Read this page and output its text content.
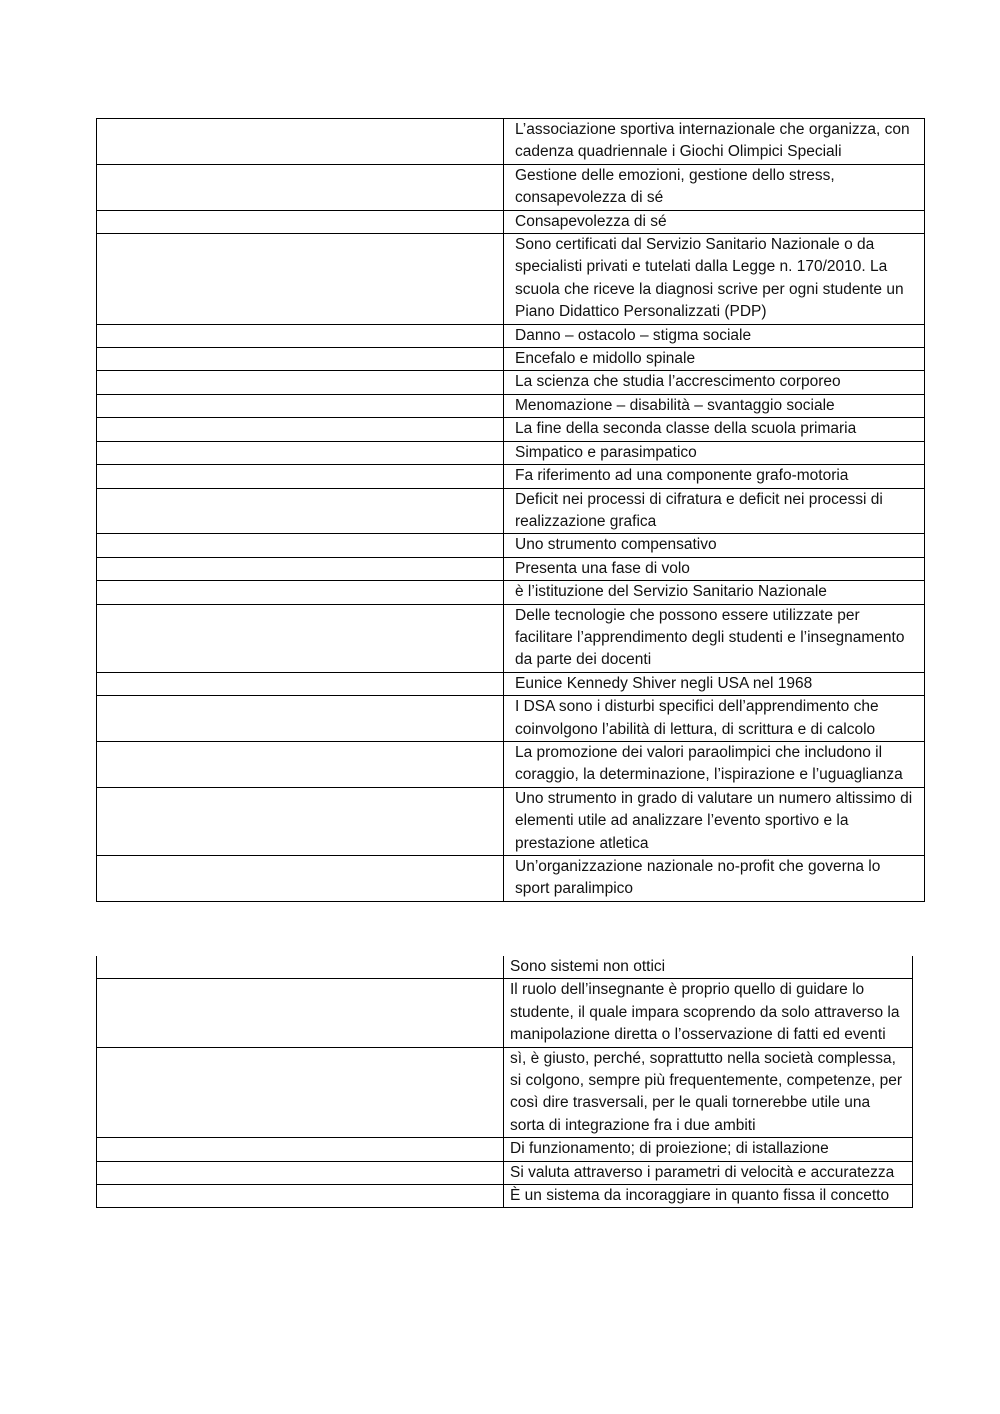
	L’associazione sportiva internazionale che organizza, con cadenza quadriennale i Giochi Olimpici Speciali
	Gestione delle emozioni, gestione dello stress, consapevolezza di sé
	Consapevolezza di sé
	Sono certificati dal Servizio Sanitario Nazionale o da specialisti privati e tutelati dalla Legge n. 170/2010. La scuola che riceve la diagnosi scrive per ogni studente un Piano Didattico Personalizzati (PDP)
	Danno – ostacolo – stigma sociale
	Encefalo e midollo spinale
	La scienza che studia l’accrescimento corporeo
	Menomazione – disabilità – svantaggio sociale
	La fine della seconda classe della scuola primaria
	Simpatico e parasimpatico
	Fa riferimento ad una componente grafo-motoria
	Deficit nei processi di cifratura e deficit nei processi di realizzazione grafica
	Uno strumento compensativo
	Presenta una fase di volo
	è l’istituzione del Servizio Sanitario Nazionale
	Delle tecnologie che possono essere utilizzate per facilitare l’apprendimento degli studenti e l’insegnamento da parte dei docenti
	Eunice Kennedy Shiver negli USA nel 1968
	I DSA sono i disturbi specifici dell’apprendimento che coinvolgono l’abilità di lettura, di scrittura e di calcolo
	La promozione dei valori paraolimpici che includono il coraggio, la determinazione, l’ispirazione e l’uguaglianza
	Uno strumento in grado di valutare un numero altissimo di elementi utile ad analizzare l’evento sportivo e la prestazione atletica
	Un’organizzazione nazionale no-profit che governa lo sport paralimpico
	Sono sistemi non ottici
	Il ruolo dell’insegnante è proprio quello di guidare lo studente, il quale impara scoprendo da solo attraverso la manipolazione diretta o l’osservazione di fatti ed eventi
	sì, è giusto, perché, soprattutto nella società complessa, si colgono, sempre più frequentemente, competenze, per così dire trasversali, per le quali tornerebbe utile una sorta di integrazione fra i due ambiti
	Di funzionamento; di proiezione; di istallazione
	Si valuta attraverso i parametri di velocità e accuratezza
	È un sistema da incoraggiare in quanto fissa il concetto
